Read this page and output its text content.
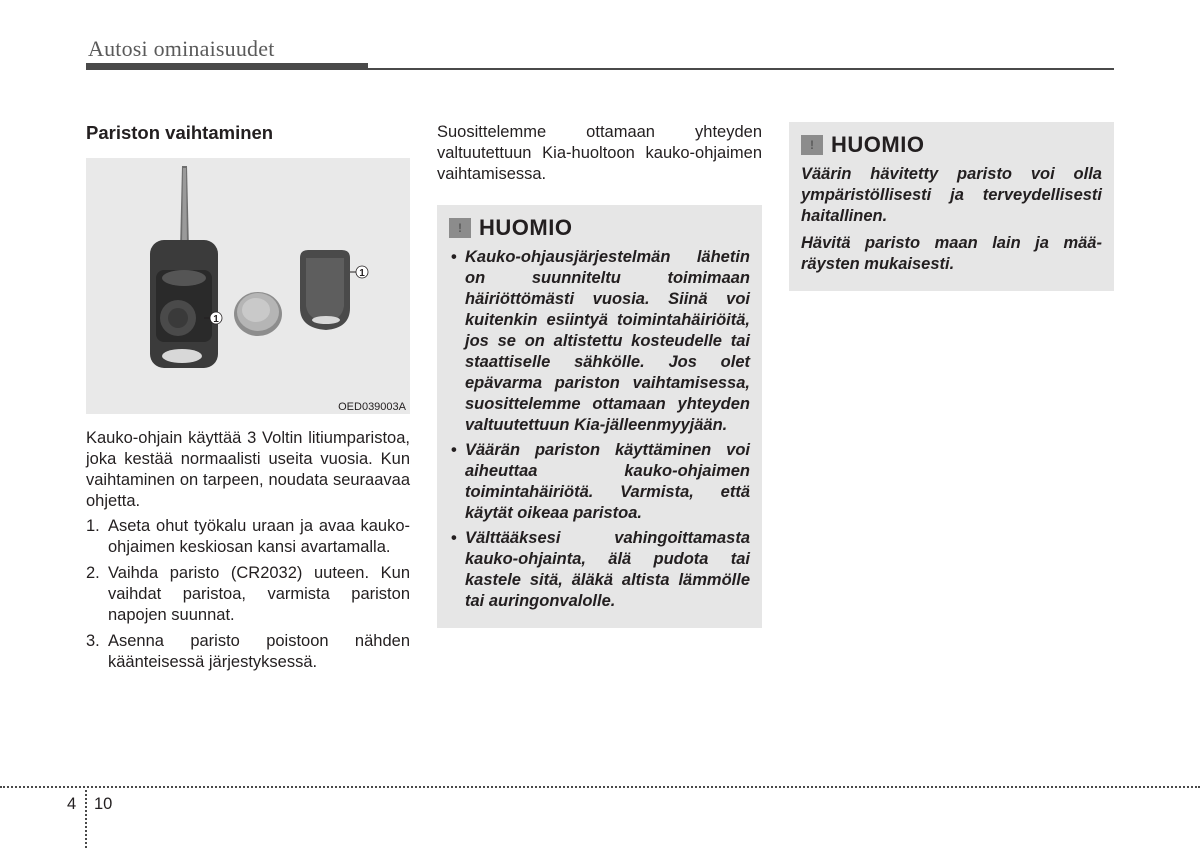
Autosi ominaisuudet
Pariston vaihtaminen
1
1
OED039003A

Kauko-ohjain käyttää 3 Voltin litiumparistoa, joka kestää normaalisti useita vuosia. Kun vaihtaminen on tarpeen, noudata seuraavaa ohjetta.

1. Aseta ohut työkalu uraan ja avaa kauko-ohjaimen keskiosan kansi avartamalla.
2. Vaihda paristo (CR2032) uuteen. Kun vaihdat paristoa, varmista pariston napojen suunnat.
3. Asenna paristo poistoon nähden käänteisessä järjestyksessä.

Suosittelemme ottamaan yhteyden valtuutettuun Kia-huoltoon kauko-ohjaimen vaihtamisessa.

! HUOMIO
• Kauko-ohjausjärjestelmän lähetin on suunniteltu toimimaan häiriöttömästi vuosia. Siinä voi kuitenkin esiintyä toimintahäiriöitä, jos se on altistettu kosteudelle tai staattiselle sähkölle. Jos olet epävarma pariston vaihtamisessa, suosittelemme ottamaan yhteyden valtuutettuun Kia-jälleenmyyjään.
• Väärän pariston käyttäminen voi aiheuttaa kauko-ohjaimen toimintahäiriötä. Varmista, että käytät oikeaa paristoa.
• Välttääksesi vahingoittamasta kauko-ohjainta, älä pudota tai kastele sitä, äläkä altista lämmölle tai auringonvalolle.
! HUOMIO

Väärin hävitetty paristo voi olla ympäristöllisesti ja terveydellisesti haitallinen.

Hävitä paristo maan lain ja määräysten mukaisesti.

4 10
